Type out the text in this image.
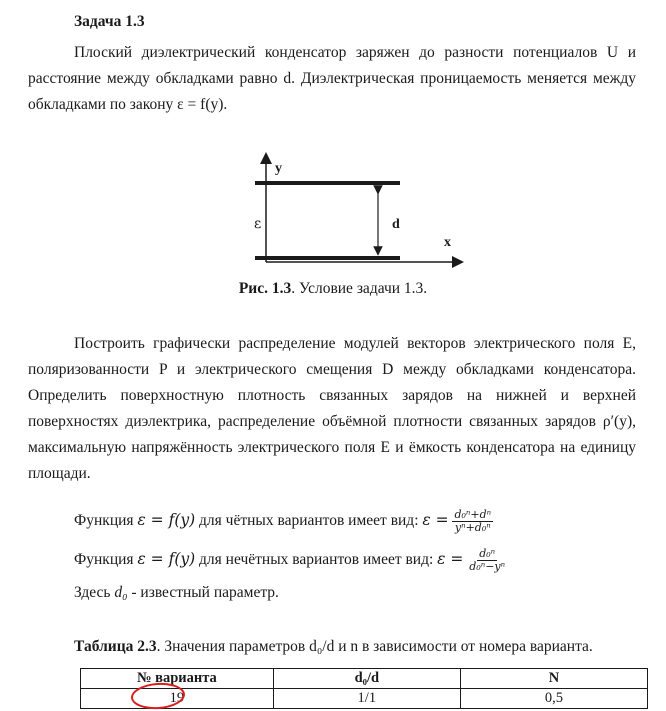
Задача 1.3
Плоский диэлектрический конденсатор заряжен до разности потенциалов U и расстояние между обкладками равно d. Диэлектрическая проницаемость меняется между обкладками по закону ε = f(y).
y
x
ε	d
Рис. 1.3. Условие задачи 1.3.
Построить графически распределение модулей векторов электрического поля E, поляризованности P и электрического смещения D между обкладками конденсатора. Определить поверхностную плотность связанных зарядов на нижней и верхней поверхностях диэлектрика, распределение объёмной плотности связанных зарядов ρ′(y), максимальную напряжённость электрического поля E и ёмкость конденсатора на единицу площади.
Функция ε = f(y) для чётных вариантов имеет вид: $\varepsilon = \frac{\text{d₀ⁿ+dⁿ}}{\text{yⁿ+d₀ⁿ}}$
Функция ε = f(y) для нечётных вариантов имеет вид: $\varepsilon = \frac{\text{d₀ⁿ}}{\text{d₀ⁿ−yⁿ}}$
Здесь d₀ - известный параметр.
Таблица 2.3. Значения параметров d₀/d и n в зависимости от номера варианта.
№ варианта	d₀/d	N
19	1/1	0,5
